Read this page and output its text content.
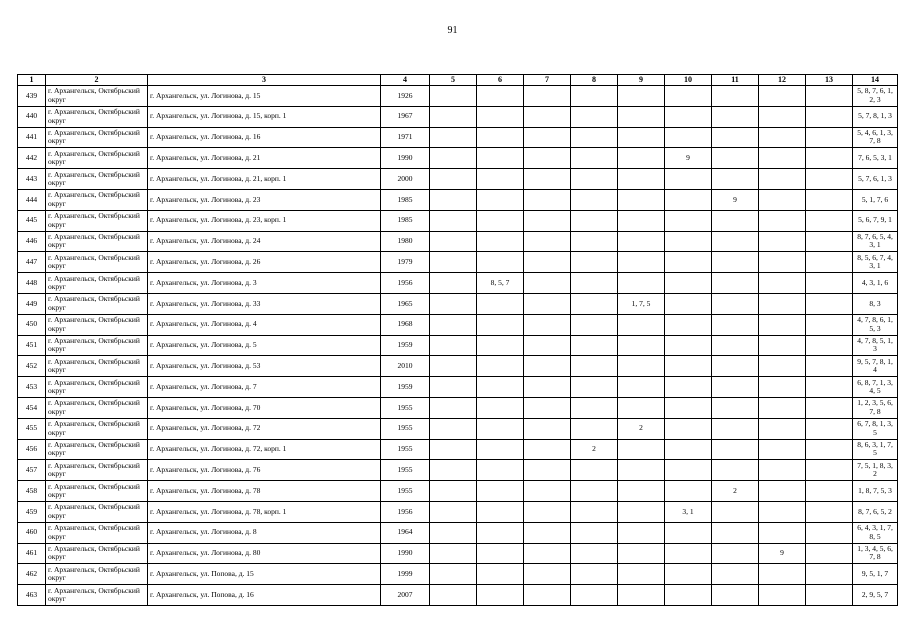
91
1	2	3	4	5	6	7	8	9	10	11	12	13	14
439	г. Архангельск, Октябрьский округ	г. Архангельск, ул. Логинова, д. 15	1926										5, 8, 7, 6, 1, 2, 3
440	г. Архангельск, Октябрьский округ	г. Архангельск, ул. Логинова, д. 15, корп. 1	1967										5, 7, 8, 1, 3
441	г. Архангельск, Октябрьский округ	г. Архангельск, ул. Логинова, д. 16	1971										5, 4, 6, 1, 3, 7, 8
442	г. Архангельск, Октябрьский округ	г. Архангельск, ул. Логинова, д. 21	1990						9				7, 6, 5, 3, 1
443	г. Архангельск, Октябрьский округ	г. Архангельск, ул. Логинова, д. 21, корп. 1	2000										5, 7, 6, 1, 3
444	г. Архангельск, Октябрьский округ	г. Архангельск, ул. Логинова, д. 23	1985							9			5, 1, 7, 6
445	г. Архангельск, Октябрьский округ	г. Архангельск, ул. Логинова, д. 23, корп. 1	1985										5, 6, 7, 9, 1
446	г. Архангельск, Октябрьский округ	г. Архангельск, ул. Логинова, д. 24	1980										8, 7, 6, 5, 4, 3, 1
447	г. Архангельск, Октябрьский округ	г. Архангельск, ул. Логинова, д. 26	1979										8, 5, 6, 7, 4, 3, 1
448	г. Архангельск, Октябрьский округ	г. Архангельск, ул. Логинова, д. 3	1956		8, 5, 7								4, 3, 1, 6
449	г. Архангельск, Октябрьский округ	г. Архангельск, ул. Логинова, д. 33	1965					1, 7, 5					8, 3
450	г. Архангельск, Октябрьский округ	г. Архангельск, ул. Логинова, д. 4	1968										4, 7, 8, 6, 1, 5, 3
451	г. Архангельск, Октябрьский округ	г. Архангельск, ул. Логинова, д. 5	1959										4, 7, 8, 5, 1, 3
452	г. Архангельск, Октябрьский округ	г. Архангельск, ул. Логинова, д. 53	2010										9, 5, 7, 8, 1, 4
453	г. Архангельск, Октябрьский округ	г. Архангельск, ул. Логинова, д. 7	1959										6, 8, 7, 1, 3, 4, 5
454	г. Архангельск, Октябрьский округ	г. Архангельск, ул. Логинова, д. 70	1955										1, 2, 3, 5, 6, 7, 8
455	г. Архангельск, Октябрьский округ	г. Архангельск, ул. Логинова, д. 72	1955					2					6, 7, 8, 1, 3, 5
456	г. Архангельск, Октябрьский округ	г. Архангельск, ул. Логинова, д. 72, корп. 1	1955				2						8, 6, 3, 1, 7, 5
457	г. Архангельск, Октябрьский округ	г. Архангельск, ул. Логинова, д. 76	1955										7, 5, 1, 8, 3, 2
458	г. Архангельск, Октябрьский округ	г. Архангельск, ул. Логинова, д. 78	1955							2			1, 8, 7, 5, 3
459	г. Архангельск, Октябрьский округ	г. Архангельск, ул. Логинова, д. 78, корп. 1	1956						3, 1				8, 7, 6, 5, 2
460	г. Архангельск, Октябрьский округ	г. Архангельск, ул. Логинова, д. 8	1964										6, 4, 3, 1, 7, 8, 5
461	г. Архангельск, Октябрьский округ	г. Архангельск, ул. Логинова, д. 80	1990								9		1, 3, 4, 5, 6, 7, 8
462	г. Архангельск, Октябрьский округ	г. Архангельск, ул. Попова, д. 15	1999										9, 5, 1, 7
463	г. Архангельск, Октябрьский округ	г. Архангельск, ул. Попова, д. 16	2007										2, 9, 5, 7
